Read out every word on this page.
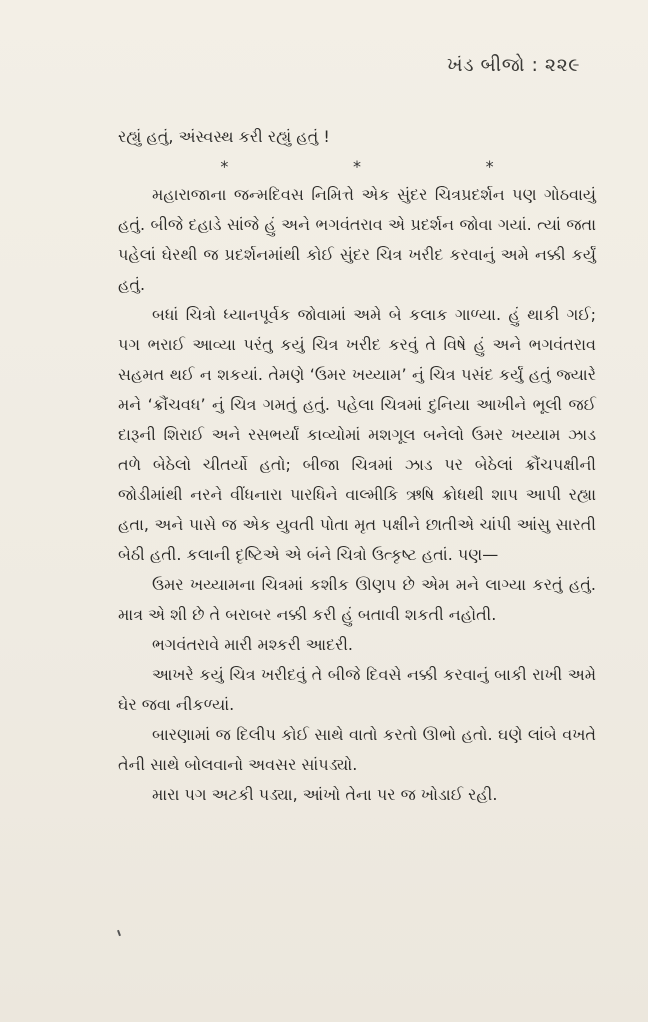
ખંડ બીજો : ૨૨૯

રહ્યું હતું, અંસ્વસ્થ કરી રહ્યું હતું !

*	*	*

મહારાજાના જન્મદિવસ નિમિત્તે એક સુંદર ચિત્રપ્રદર્શન પણ ગોઠવાયું હતું. બીજે દહાડે સાંજે હું અને ભગવંતરાવ એ પ્રદર્શન જોવા ગયાં. ત્યાં જતા પહેલાં ઘેરથી જ પ્રદર્શનમાંથી કોઈ સુંદર ચિત્ર ખરીદ કરવાનું અમે નક્કી કર્યું હતું.

બધાં ચિત્રો ધ્યાનપૂર્વક જોવામાં અમે બે કલાક ગાળ્યા. હું થાકી ગઈ; પગ ભરાઈ આવ્યા પરંતુ કયું ચિત્ર ખરીદ કરવું તે વિષે હું અને ભગવંતરાવ સહમત થઈ ન શકયાં. તેમણે ‘ઉમર ખય્યામ’ નું ચિત્ર પસંદ કર્યું હતું જ્યારે મને ‘ક્રૌંચવધ’ નું ચિત્ર ગમતું હતું. પહેલા ચિત્રમાં દુનિયા આખીને ભૂલી જઈ દારૂની શિરાઈ અને રસભર્યાં કાવ્યોમાં મશગૂલ બનેલો ઉમર ખય્યામ ઝાડ તળે બેઠેલો ચીતર્યો હતો; બીજા ચિત્રમાં ઝાડ પર બેઠેલાં ક્રૌંચપક્ષીની જોડીમાંથી નરને વીંધનારા પારધિને વાલ્મીકિ ઋષિ ક્રોધથી શાપ આપી રહ્યા હતા, અને પાસે જ એક યુવતી પોતા મૃત પક્ષીને છાતીએ ચાંપી આંસુ સારતી બેઠી હતી. કલાની દૃષ્ટિએ એ બંને ચિત્રો ઉત્કૃષ્ટ હતાં. પણ—

ઉમર ખય્યામના ચિત્રમાં કશીક ઊણપ છે એમ મને લાગ્યા કરતું હતું. માત્ર એ શી છે તે બરાબર નક્કી કરી હું બતાવી શકતી નહોતી.

ભગવંતરાવે મારી મશ્કરી આદરી.

આખરે કયું ચિત્ર ખરીદવું તે બીજે દિવસે નક્કી કરવાનું બાકી રાખી અમે ઘેર જવા નીકળ્યાં.

બારણામાં જ દિલીપ કોઈ સાથે વાતો કરતો ઊભો હતો. ઘણે લાંબે વખતે તેની સાથે બોલવાનો અવસર સાંપડ્યો.

મારા પગ અટકી પડ્યા, આંખો તેના પર જ ખોડાઈ રહી.
